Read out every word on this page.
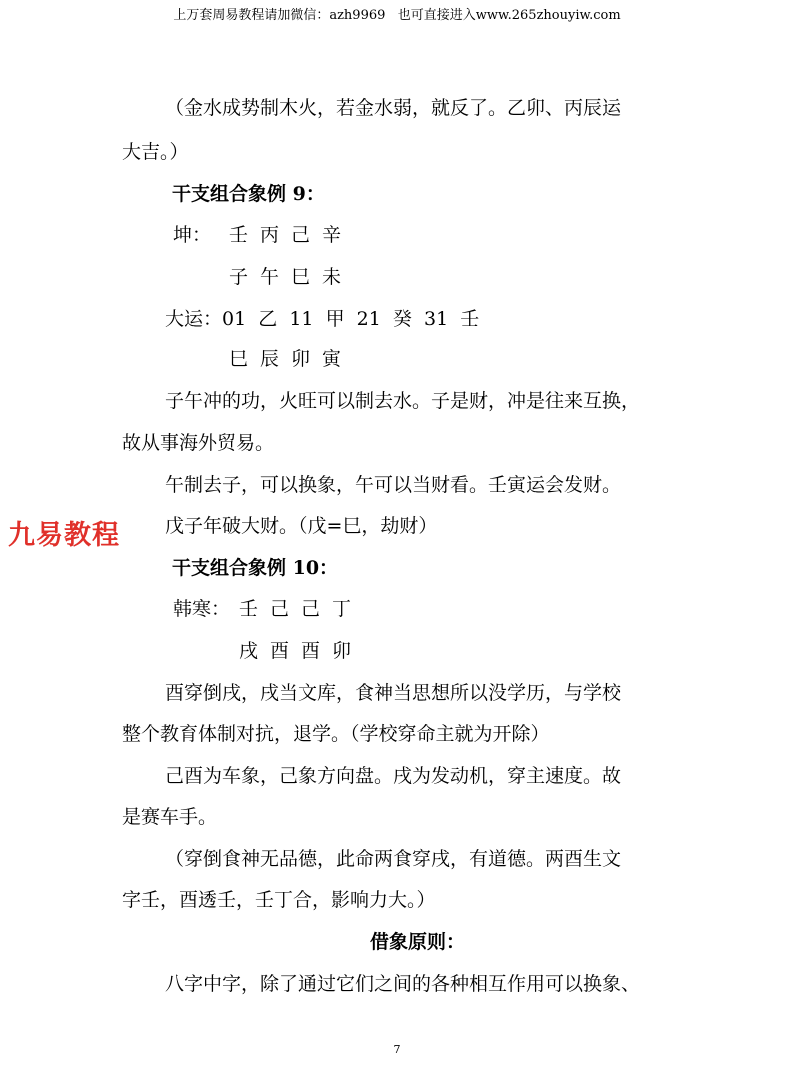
上万套周易教程请加微信：azh9969   也可直接进入www.265zhouyiw.com
（金水成势制木火，若金水弱，就反了。乙卯、丙辰运
大吉。）
干支组合象例 9：
坤： 壬 丙 己 辛
子 午 巳 未
大运：01  乙  11  甲  21  癸  31  壬
巳 辰 卯 寅
子午冲的功，火旺可以制去水。子是财，冲是往来互换，
故从事海外贸易。
午制去子，可以换象，午可以当财看。壬寅运会发财。
戊子年破大财。（戊=巳，劫财）
九易教程
干支组合象例 10：
韩寒： 壬 己 己 丁
戌 酉 酉 卯
酉穿倒戌，戌当文库，食神当思想所以没学历，与学校
整个教育体制对抗，退学。（学校穿命主就为开除）
己酉为车象，己象方向盘。戌为发动机，穿主速度。故
是赛车手。
（穿倒食神无品德，此命两食穿戌，有道德。两酉生文
字壬，酉透壬，壬丁合，影响力大。）
借象原则：
八字中字，除了通过它们之间的各种相互作用可以换象、
7
